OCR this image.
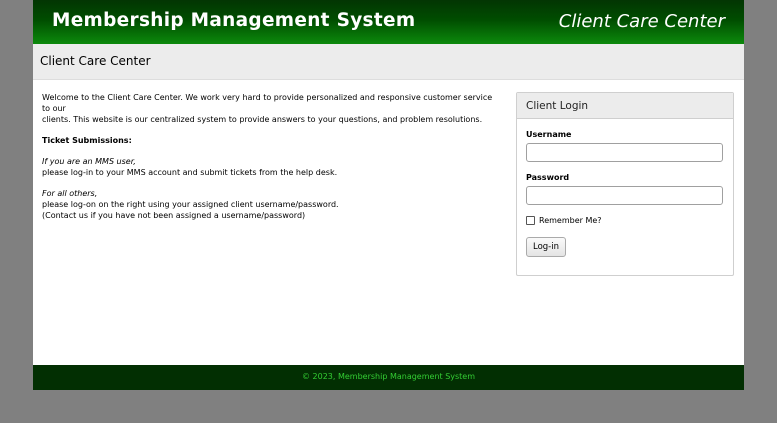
Membership Management System	Client Care Center
Client Care Center

Welcome to the Client Care Center. We work very hard to provide personalized and responsive customer service to our

clients. This website is our centralized system to provide answers to your questions, and problem resolutions.

Ticket Submissions:

If you are an MMS user,

please log-in to your MMS account and submit tickets from the help desk.

For all others,

please log-on on the right using your assigned client username/password.

(Contact us if you have not been assigned a username/password)

Client Login
Username
Password
Remember Me?
Log-in
© 2023, Membership Management System
